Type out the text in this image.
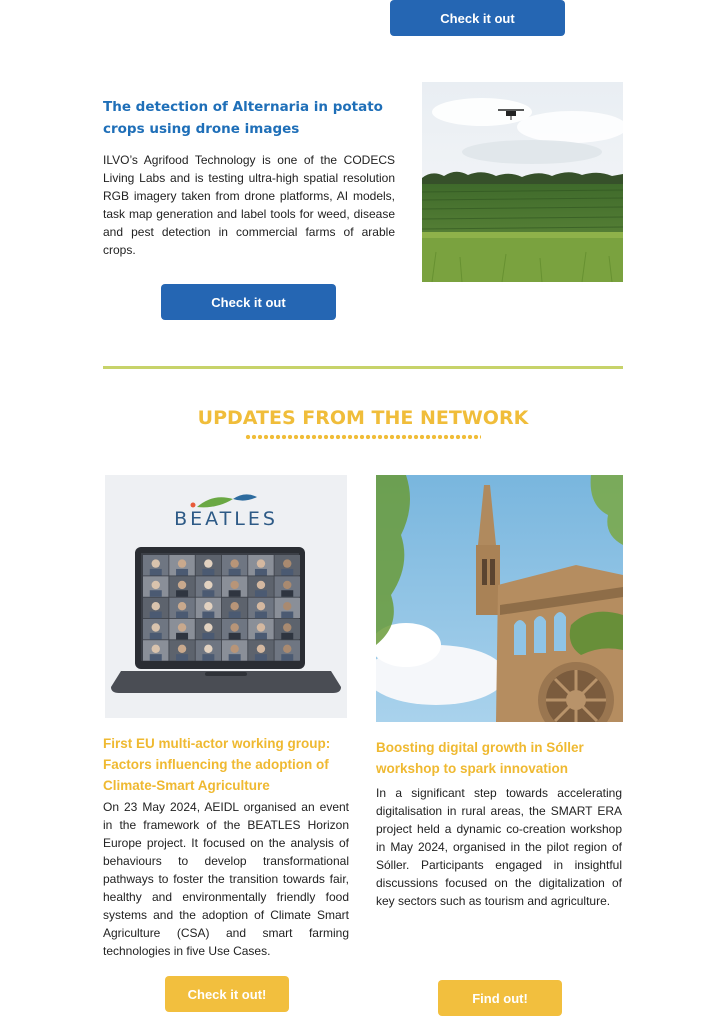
Check it out
The detection of Alternaria in potato crops using drone images

ILVO’s Agrifood Technology is one of the CODECS Living Labs and is testing ultra-high spatial resolution RGB imagery taken from drone platforms, AI models, task map generation and label tools for weed, disease and pest detection in commercial farms of arable crops.

Check it out
UPDATES FROM THE NETWORK
BEATLES
First EU multi-actor working group: Factors influencing the adoption of Climate-Smart Agriculture

On 23 May 2024, AEIDL organised an event in the framework of the BEATLES Horizon Europe project. It focused on the analysis of behaviours to develop transformational pathways to foster the transition towards fair, healthy and environmentally friendly food systems and the adoption of Climate Smart Agriculture (CSA) and smart farming technologies in five Use Cases.

Check it out!
Boosting digital growth in Sóller workshop to spark innovation

In a significant step towards accelerating digitalisation in rural areas, the SMART ERA project held a dynamic co-creation workshop in May 2024, organised in the pilot region of Sóller. Participants engaged in insightful discussions focused on the digitalization of key sectors such as tourism and agriculture.

Find out!
